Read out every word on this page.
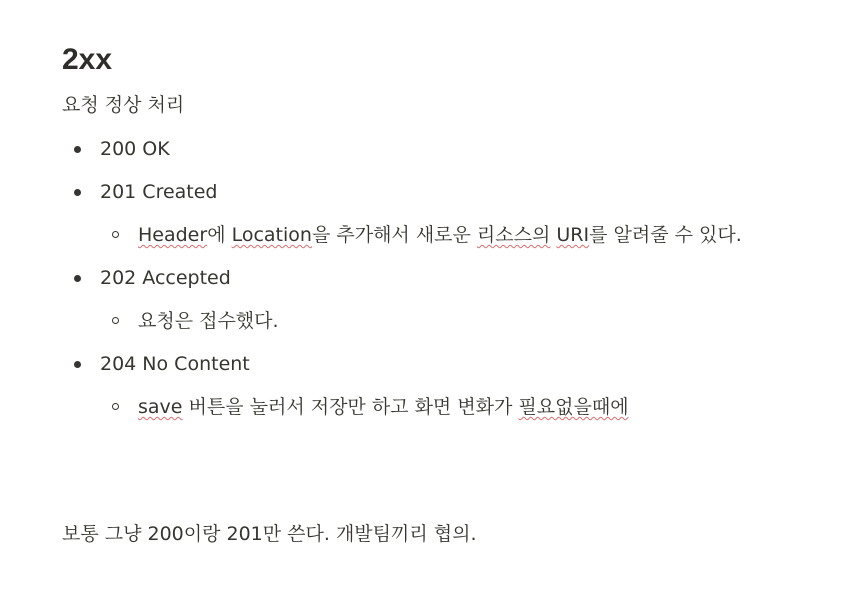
2xx
요청 정상 처리
200 OK
201 Created
Header에 Location을 추가해서 새로운 리소스의 URI를 알려줄 수 있다.
202 Accepted
요청은 접수했다.
204 No Content
save 버튼을 눌러서 저장만 하고 화면 변화가 필요없을때에
보통 그냥 200이랑 201만 쓴다. 개발팀끼리 협의.
